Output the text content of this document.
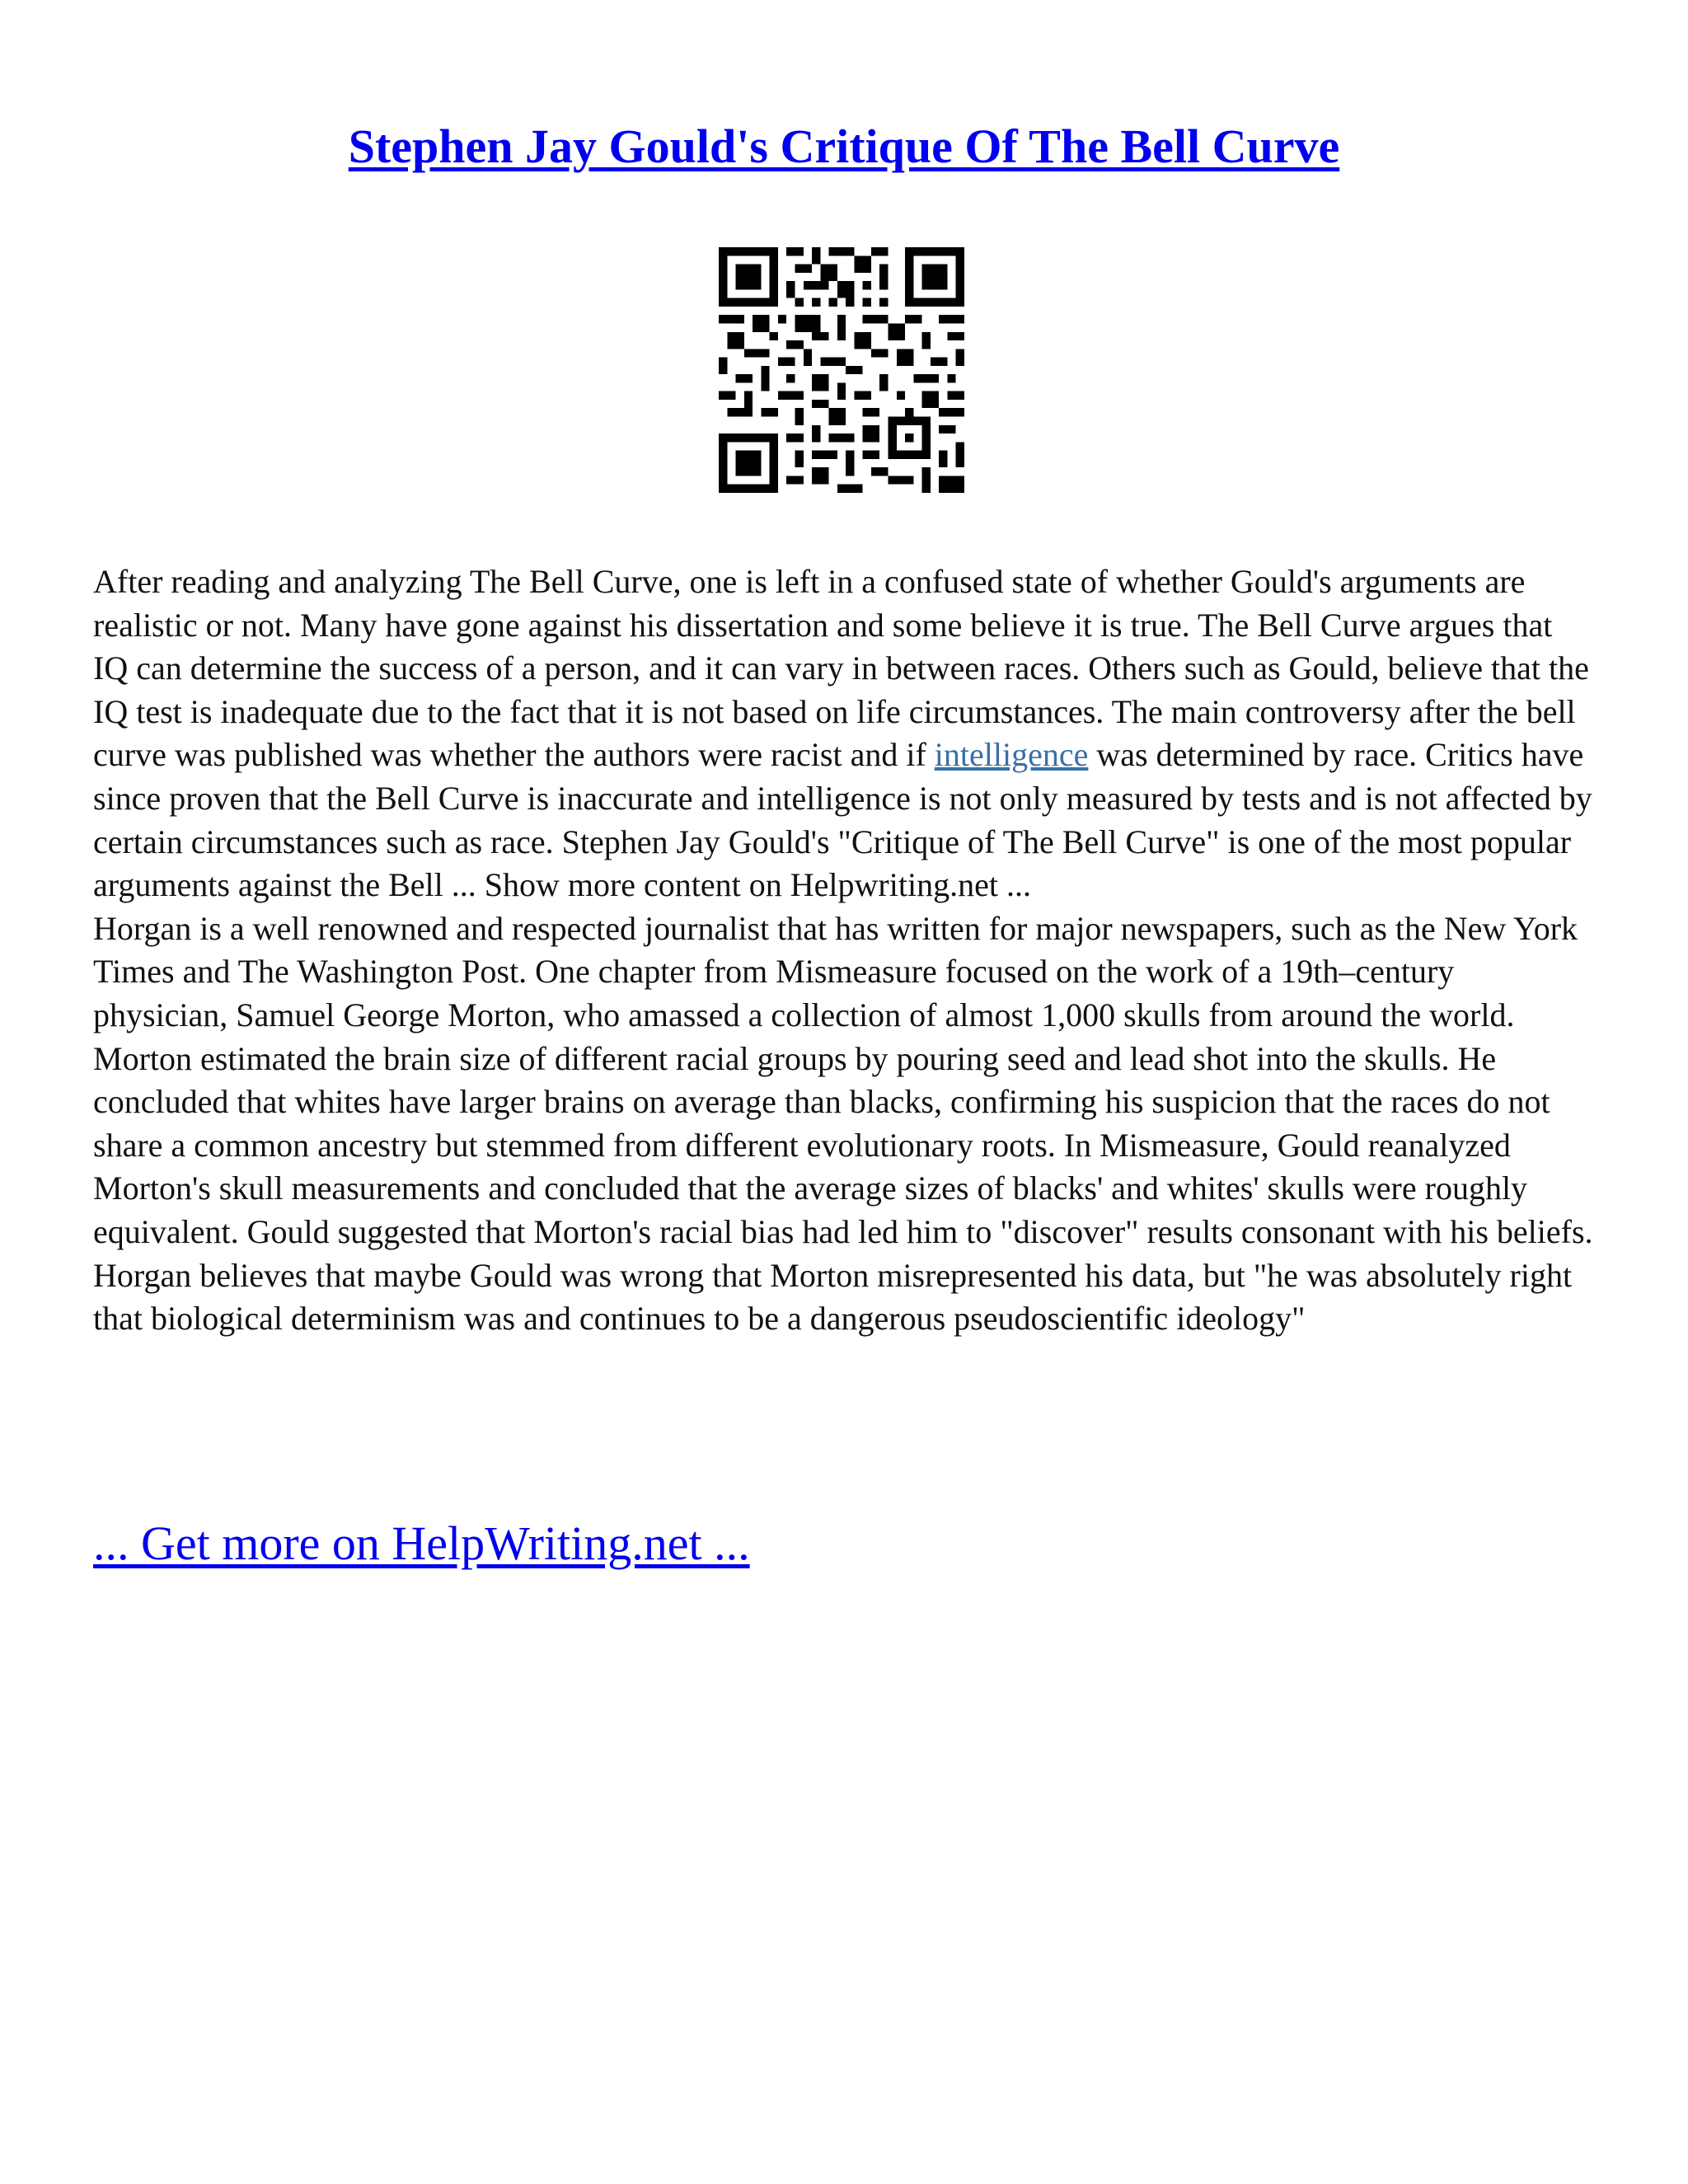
Stephen Jay Gould's Critique Of The Bell Curve

After reading and analyzing The Bell Curve, one is left in a confused state of whether Gould's arguments are realistic or not. Many have gone against his dissertation and some believe it is true. The Bell Curve argues that IQ can determine the success of a person, and it can vary in between races. Others such as Gould, believe that the IQ test is inadequate due to the fact that it is not based on life circumstances. The main controversy after the bell curve was published was whether the authors were racist and if intelligence was determined by race. Critics have since proven that the Bell Curve is inaccurate and intelligence is not only measured by tests and is not affected by certain circumstances such as race. Stephen Jay Gould's "Critique of The Bell Curve" is one of the most popular arguments against the Bell ... Show more content on Helpwriting.net ...

Horgan is a well renowned and respected journalist that has written for major newspapers, such as the New York Times and The Washington Post. One chapter from Mismeasure focused on the work of a 19th–century physician, Samuel George Morton, who amassed a collection of almost 1,000 skulls from around the world. Morton estimated the brain size of different racial groups by pouring seed and lead shot into the skulls. He concluded that whites have larger brains on average than blacks, confirming his suspicion that the races do not share a common ancestry but stemmed from different evolutionary roots. In Mismeasure, Gould reanalyzed Morton's skull measurements and concluded that the average sizes of blacks' and whites' skulls were roughly equivalent. Gould suggested that Morton's racial bias had led him to "discover" results consonant with his beliefs. Horgan believes that maybe Gould was wrong that Morton misrepresented his data, but "he was absolutely right that biological determinism was and continues to be a dangerous pseudoscientific ideology"

... Get more on HelpWriting.net ...
